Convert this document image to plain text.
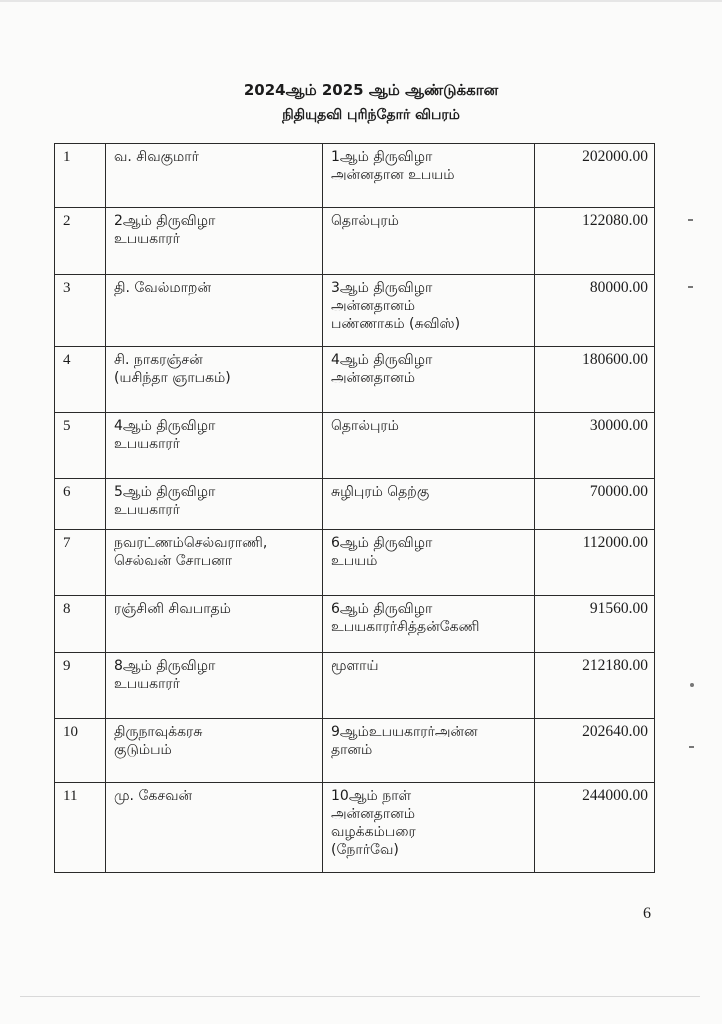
2024ஆம் 2025 ஆம் ஆண்டுக்கான
நிதியுதவி புரிந்தோர் விபரம்
1	வ. சிவகுமார்	1ஆம் திருவிழா
அன்னதான உபயம்	202000.00

2	2ஆம் திருவிழா
உபயகாரர்	தொல்புரம்	122080.00

3	தி. வேல்மாறன்	3ஆம் திருவிழா
அன்னதானம்
பண்ணாகம் (சுவிஸ்)	80000.00

4	சி. நாகரஞ்சன்
(யசிந்தா ஞாபகம்)	4ஆம் திருவிழா
அன்னதானம்	180600.00

5	4ஆம் திருவிழா
உபயகாரர்	தொல்புரம்	30000.00

6	5ஆம் திருவிழா
உபயகாரர்	சுழிபுரம் தெற்கு	70000.00

7	நவரட்ணம்செல்வராணி,
செல்வன் சோபனா	6ஆம் திருவிழா
உபயம்	112000.00

8	ரஞ்சினி சிவபாதம்	6ஆம் திருவிழா
உபயகாரர்சித்தன்கேணி	91560.00

9	8ஆம் திருவிழா
உபயகாரர்	மூளாய்	212180.00

10	திருநாவுக்கரசு
குடும்பம்	9ஆம்உபயகாரர்அன்ன
தானம்	202640.00

11	மு. கேசவன்	10ஆம் நாள்
அன்னதானம்
வழக்கம்பரை
(நோர்வே)	244000.00
6
